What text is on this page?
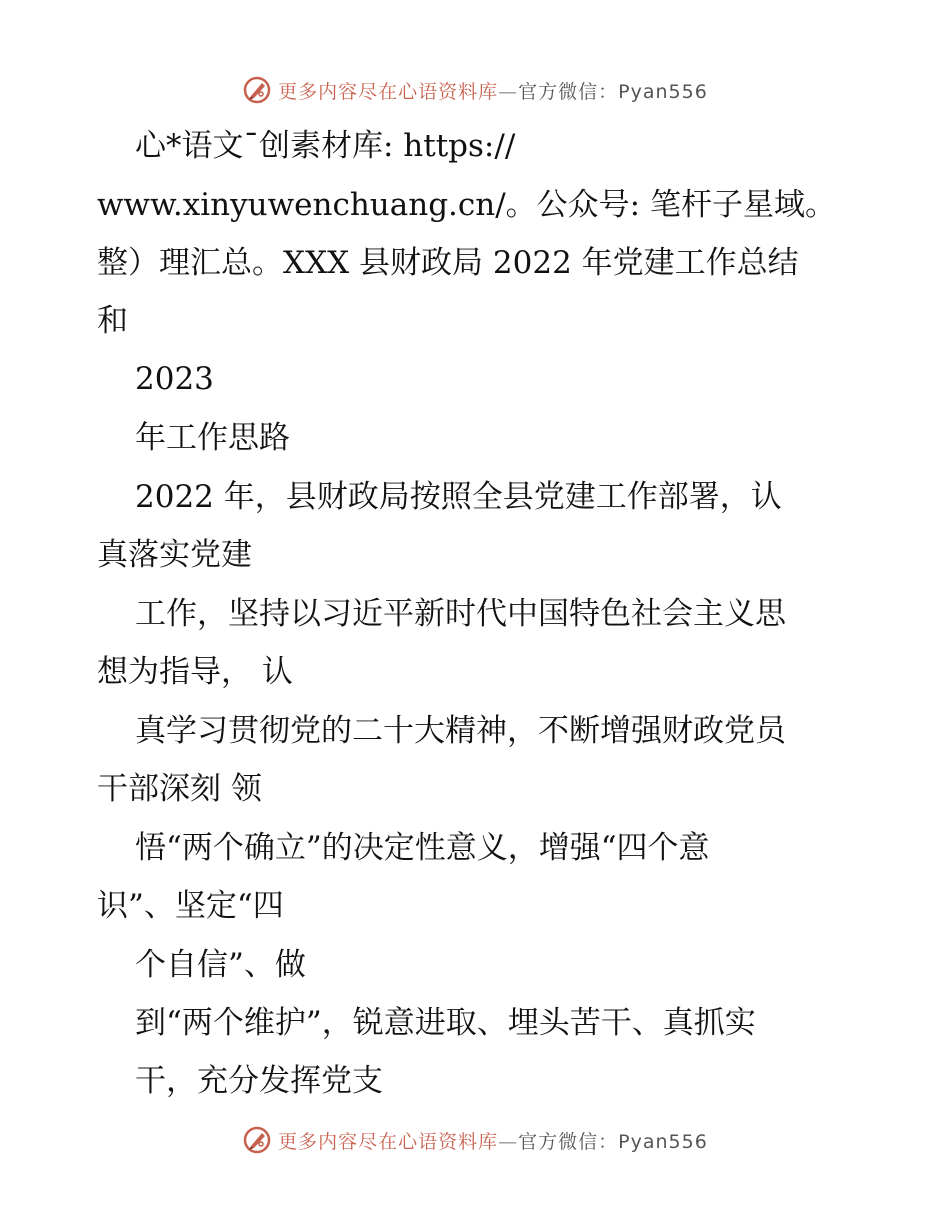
更多内容尽在心语资料库—官方微信：Pyan556
心*语文¯创素材库: https://
www.xinyuwenchuang.cn/。公众号: 笔杆子星域。
整）理汇总。XXX 县财政局 2022 年党建工作总结
和
2023
年工作思路
2022 年，县财政局按照全县党建工作部署，认
真落实党建
工作，坚持以习近平新时代中国特色社会主义思
想为指导， 认
真学习贯彻党的二十大精神，不断增强财政党员
干部深刻 领
悟“两个确立”的决定性意义，增强“四个意
识”、坚定“四
个自信”、做
到“两个维护”，锐意进取、埋头苦干、真抓实
干，充分发挥党支
更多内容尽在心语资料库—官方微信：Pyan556
